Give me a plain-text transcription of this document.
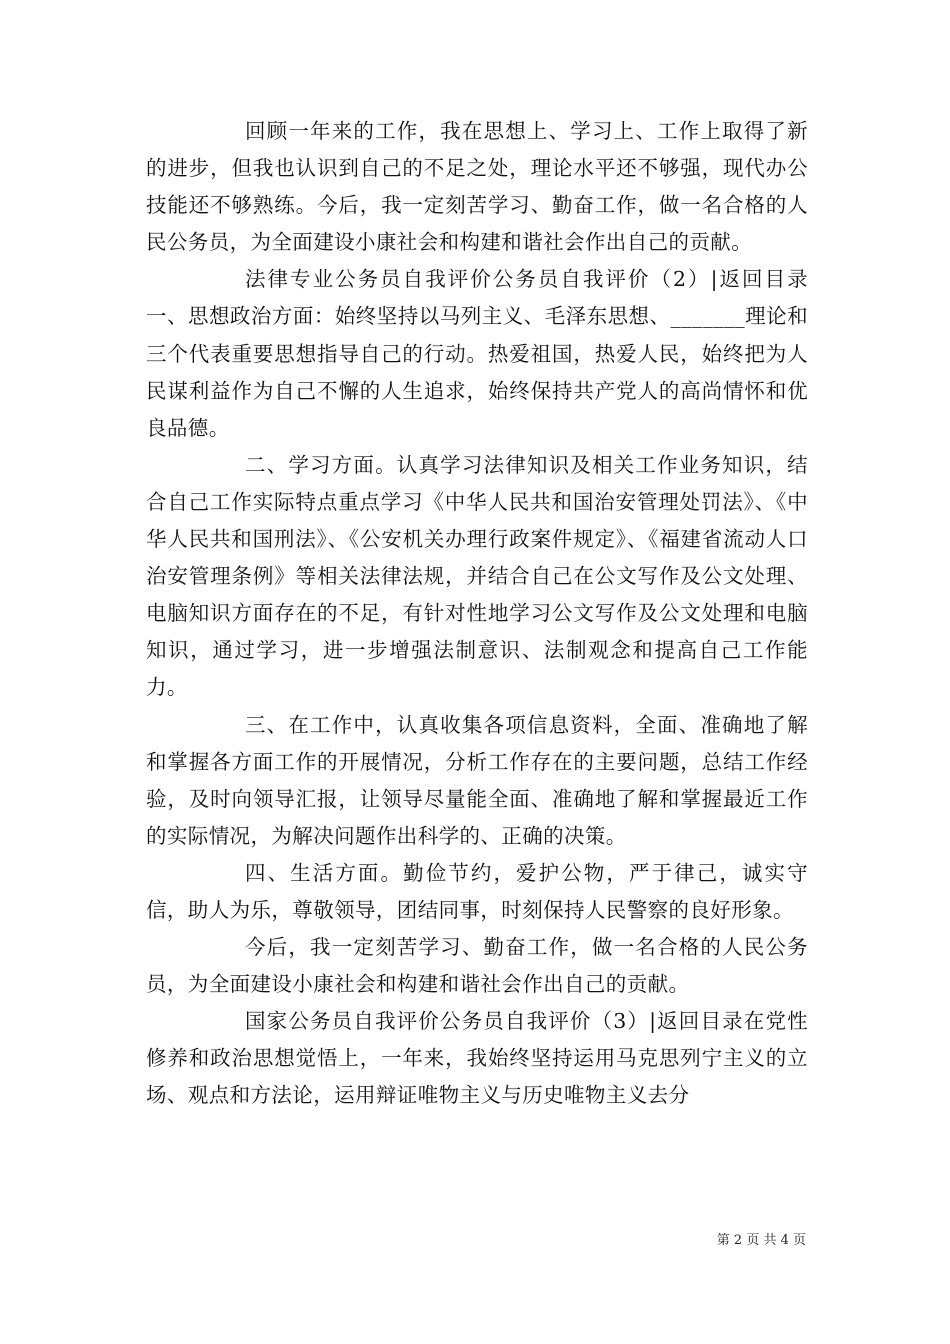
回顾一年来的工作，我在思想上、学习上、工作上取得了新的进步，但我也认识到自己的不足之处，理论水平还不够强，现代办公技能还不够熟练。今后，我一定刻苦学习、勤奋工作，做一名合格的人民公务员，为全面建设小康社会和构建和谐社会作出自己的贡献。

法律专业公务员自我评价公务员自我评价（2）|返回目录一、思想政治方面：始终坚持以马列主义、毛泽东思想、_______理论和三个代表重要思想指导自己的行动。热爱祖国，热爱人民，始终把为人民谋利益作为自己不懈的人生追求，始终保持共产党人的高尚情怀和优良品德。

二、学习方面。认真学习法律知识及相关工作业务知识，结合自己工作实际特点重点学习《中华人民共和国治安管理处罚法》、《中华人民共和国刑法》、《公安机关办理行政案件规定》、《福建省流动人口治安管理条例》等相关法律法规，并结合自己在公文写作及公文处理、电脑知识方面存在的不足，有针对性地学习公文写作及公文处理和电脑知识，通过学习，进一步增强法制意识、法制观念和提高自己工作能力。

三、在工作中，认真收集各项信息资料，全面、准确地了解和掌握各方面工作的开展情况，分析工作存在的主要问题，总结工作经验，及时向领导汇报，让领导尽量能全面、准确地了解和掌握最近工作的实际情况，为解决问题作出科学的、正确的决策。

四、生活方面。勤俭节约，爱护公物，严于律己，诚实守信，助人为乐，尊敬领导，团结同事，时刻保持人民警察的良好形象。

今后，我一定刻苦学习、勤奋工作，做一名合格的人民公务员，为全面建设小康社会和构建和谐社会作出自己的贡献。

国家公务员自我评价公务员自我评价（3）|返回目录在党性修养和政治思想觉悟上，一年来，我始终坚持运用马克思列宁主义的立场、观点和方法论，运用辩证唯物主义与历史唯物主义去分

第 2 页 共 4 页
